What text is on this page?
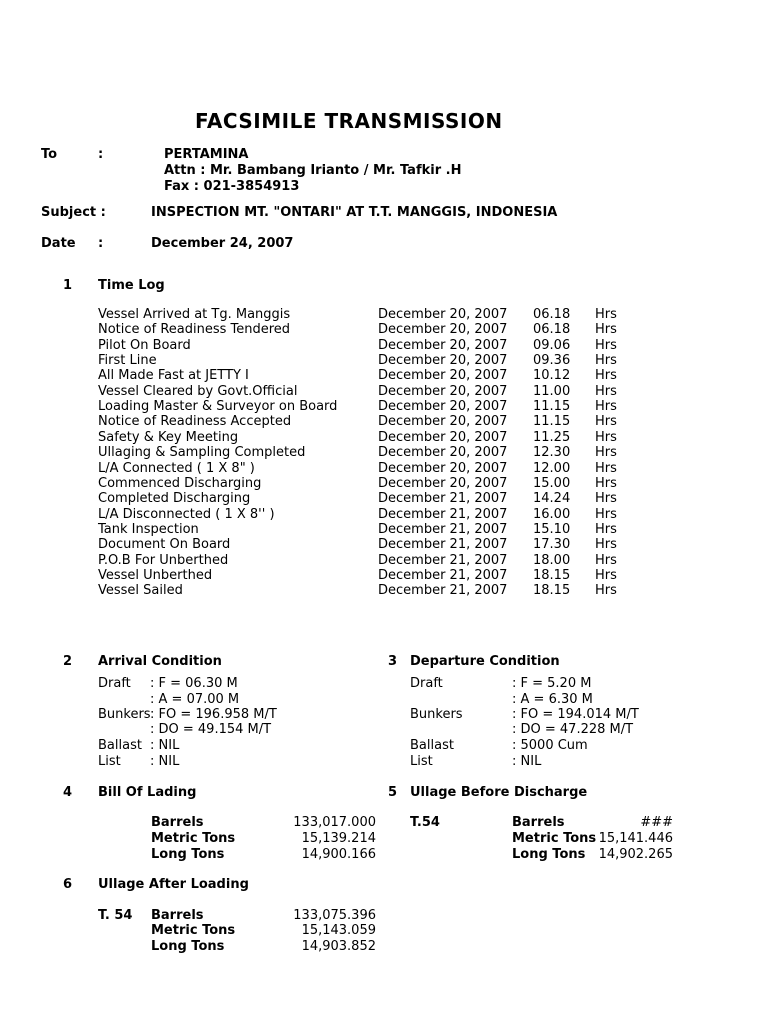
FACSIMILE TRANSMISSION
To	:	PERTAMINA
Attn : Mr. Bambang Irianto / Mr. Tafkir .H
Fax : 021-3854913
Subject :	INSPECTION MT. "ONTARI" AT T.T. MANGGIS, INDONESIA
Date :	December 24, 2007
1 Time Log
Vessel Arrived at Tg. Manggis	December 20, 2007 06.18 Hrs
Notice of Readiness Tendered	December 20, 2007 06.18 Hrs
Pilot On Board	December 20, 2007 09.06 Hrs
First Line	December 20, 2007 09.36 Hrs
All Made Fast at JETTY I	December 20, 2007 10.12 Hrs
Vessel Cleared by Govt.Official	December 20, 2007 11.00 Hrs
Loading Master & Surveyor on Board	December 20, 2007 11.15 Hrs
Notice of Readiness Accepted	December 20, 2007 11.15 Hrs
Safety & Key Meeting	December 20, 2007 11.25 Hrs
Ullaging & Sampling Completed	December 20, 2007 12.30 Hrs
L/A Connected ( 1 X 8" )	December 20, 2007 12.00 Hrs
Commenced Discharging	December 20, 2007 15.00 Hrs
Completed Discharging	December 21, 2007 14.24 Hrs
L/A Disconnected ( 1 X 8'' )	December 21, 2007 16.00 Hrs
Tank Inspection	December 21, 2007 15.10 Hrs
Document On Board	December 21, 2007 17.30 Hrs
P.O.B For Unberthed	December 21, 2007 18.00 Hrs
Vessel Unberthed	December 21, 2007 18.15 Hrs
Vessel Sailed	December 21, 2007 18.15 Hrs
2 Arrival Condition
Draft : F = 06.30 M
: A = 07.00 M
Bunkers : FO = 196.958 M/T
: DO = 49.154 M/T
Ballast : NIL
List : NIL
3 Departure Condition
Draft	: F = 5.20 M
: A = 6.30 M
Bunkers	: FO = 194.014 M/T
: DO = 47.228 M/T
Ballast	: 5000 Cum
List	: NIL
4 Bill Of Lading
Barrels	133,017.000
Metric Tons	15,139.214
Long Tons	14,900.166
5 Ullage Before Discharge
T.54	Barrels	###
Metric Tons 15,141.446
Long Tons 14,902.265
6 Ullage After Loading
T. 54 Barrels	133,075.396
Metric Tons	15,143.059
Long Tons	14,903.852
